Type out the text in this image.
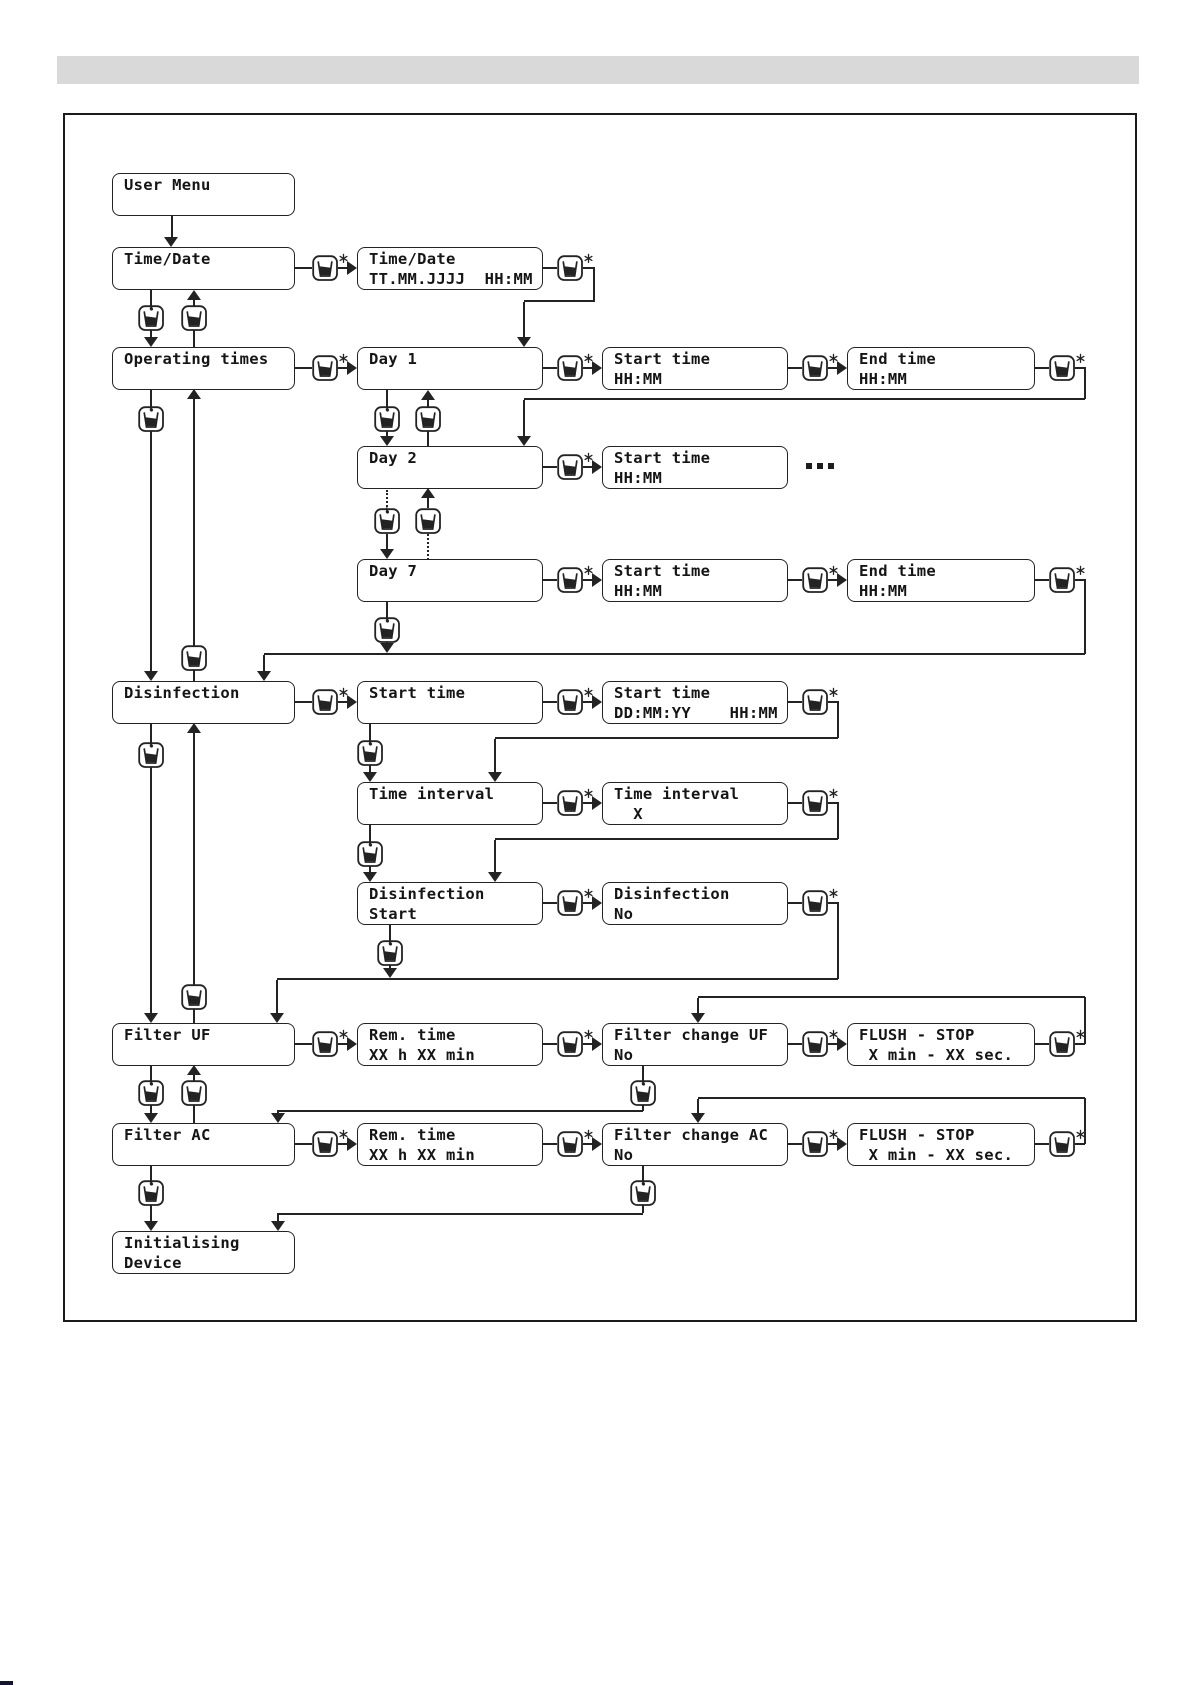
User Menu
Time/Date	Time/Date
TT.MM.JJJJ  HH:MM
Operating times	Day 1	Start time
HH:MM
End time
HH:MM
Day 2	Start time
HH:MM
Day 7	Start time
HH:MM
End time
HH:MM
Disinfection	Start time	Start time
DD:MM:YY    HH:MM
Time interval	Time interval
X
Disinfection
Start
Disinfection
No
Filter UF	Rem. time
XX h XX min
Filter change UF
No
FLUSH - STOP
X min - XX sec.
Filter AC	Rem. time
XX h XX min
Filter change AC
No
FLUSH - STOP
X min - XX sec.
Initialising
Device
